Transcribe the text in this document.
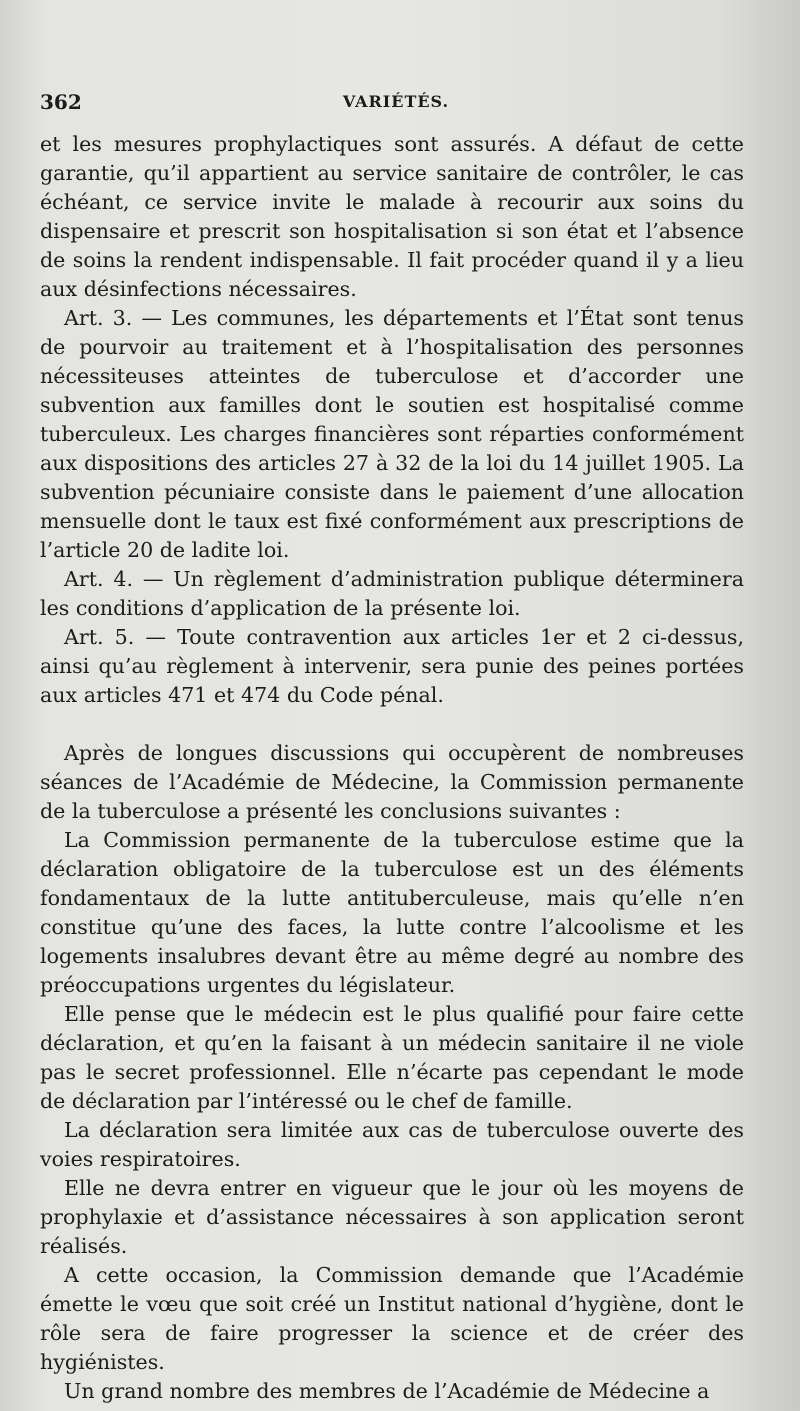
362	VARIÉTÉS.

et les mesures prophylactiques sont assurés. A défaut de cette garantie, qu’il appartient au service sanitaire de contrôler, le cas échéant, ce service invite le malade à recourir aux soins du dispensaire et prescrit son hospitalisation si son état et l’absence de soins la rendent indispensable. Il fait procéder quand il y a lieu aux désinfections nécessaires.

Art. 3. — Les communes, les départements et l’État sont tenus de pourvoir au traitement et à l’hospitalisation des personnes nécessiteuses atteintes de tuberculose et d’accorder une subvention aux familles dont le soutien est hospitalisé comme tuberculeux. Les charges financières sont réparties conformément aux dispositions des articles 27 à 32 de la loi du 14 juillet 1905. La subvention pécuniaire consiste dans le paiement d’une allocation mensuelle dont le taux est fixé conformément aux prescriptions de l’article 20 de ladite loi.

Art. 4. — Un règlement d’administration publique déterminera les conditions d’application de la présente loi.

Art. 5. — Toute contravention aux articles 1er et 2 ci-dessus, ainsi qu’au règlement à intervenir, sera punie des peines portées aux articles 471 et 474 du Code pénal.

Après de longues discussions qui occupèrent de nombreuses séances de l’Académie de Médecine, la Commission permanente de la tuberculose a présenté les conclusions suivantes :

La Commission permanente de la tuberculose estime que la déclaration obligatoire de la tuberculose est un des éléments fondamentaux de la lutte antituberculeuse, mais qu’elle n’en constitue qu’une des faces, la lutte contre l’alcoolisme et les logements insalubres devant être au même degré au nombre des préoccupations urgentes du législateur.

Elle pense que le médecin est le plus qualifié pour faire cette déclaration, et qu’en la faisant à un médecin sanitaire il ne viole pas le secret professionnel. Elle n’écarte pas cependant le mode de déclaration par l’intéressé ou le chef de famille.

La déclaration sera limitée aux cas de tuberculose ouverte des voies respiratoires.

Elle ne devra entrer en vigueur que le jour où les moyens de prophylaxie et d’assistance nécessaires à son application seront réalisés.

A cette occasion, la Commission demande que l’Académie émette le vœu que soit créé un Institut national d’hygiène, dont le rôle sera de faire progresser la science et de créer des hygiénistes.

Un grand nombre des membres de l’Académie de Médecine a
